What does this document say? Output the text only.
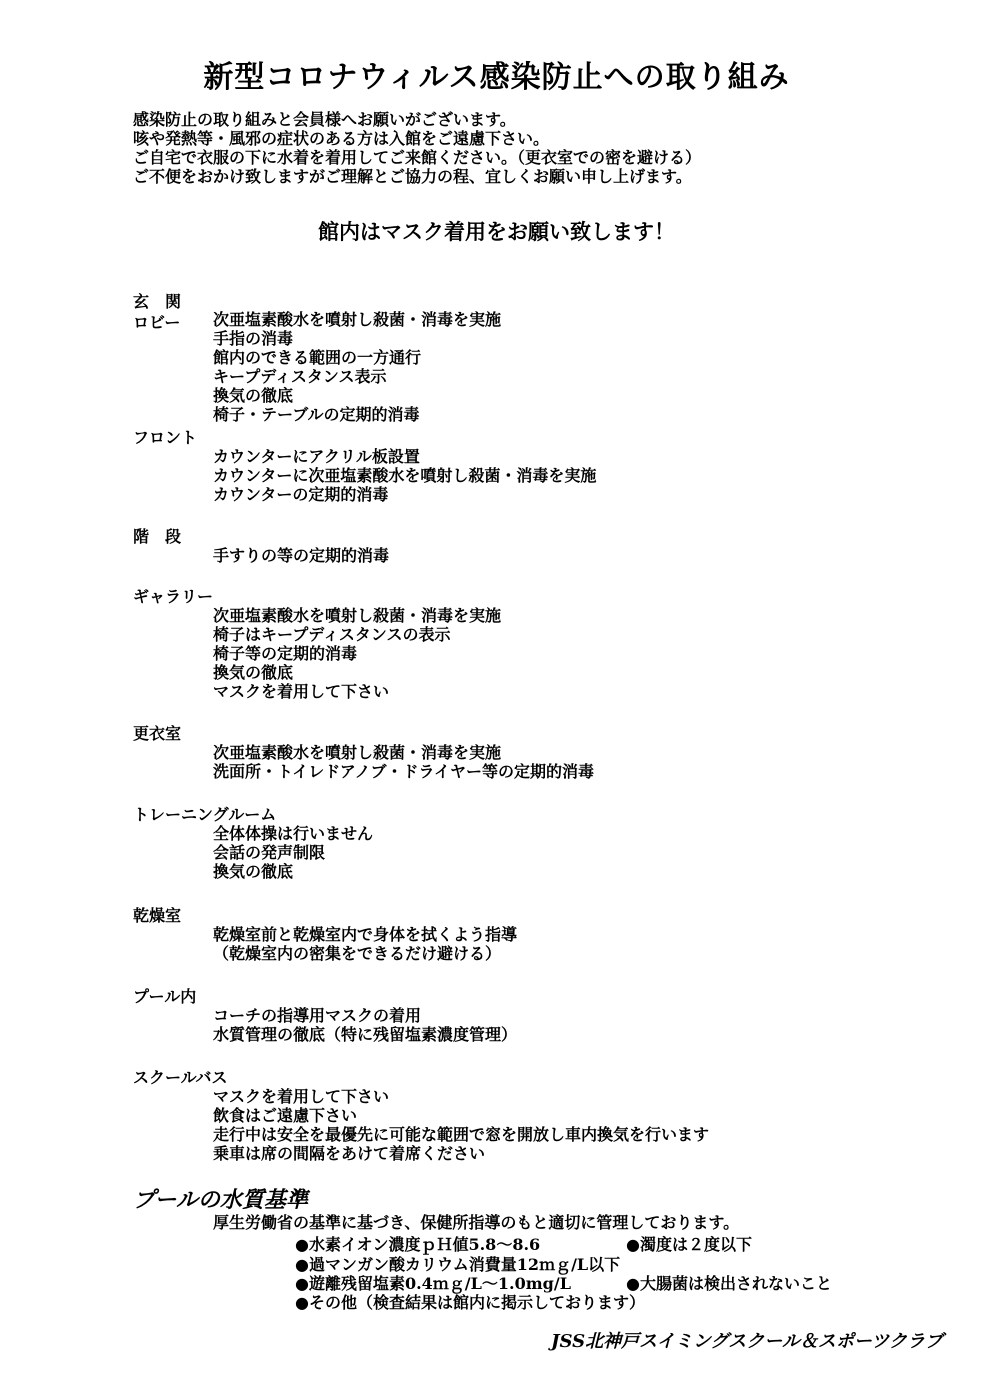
新型コロナウィルス感染防止への取り組み
感染防止の取り組みと会員様へお願いがございます。
咳や発熱等・風邪の症状のある方は入館をご遠慮下さい。
ご自宅で衣服の下に水着を着用してご来館ください。（更衣室での密を避ける）
ご不便をおかけ致しますがご理解とご協力の程、宜しくお願い申し上げます。
館内はマスク着用をお願い致します！
玄　関
ロビー 次亜塩素酸水を噴射し殺菌・消毒を実施
手指の消毒
館内のできる範囲の一方通行
キープディスタンス表示
換気の徹底
椅子・テーブルの定期的消毒
フロント
カウンターにアクリル板設置
カウンターに次亜塩素酸水を噴射し殺菌・消毒を実施
カウンターの定期的消毒
階　段
手すりの等の定期的消毒
ギャラリー
次亜塩素酸水を噴射し殺菌・消毒を実施
椅子はキープディスタンスの表示
椅子等の定期的消毒
換気の徹底
マスクを着用して下さい
更衣室
次亜塩素酸水を噴射し殺菌・消毒を実施
洗面所・トイレドアノブ・ドライヤー等の定期的消毒
トレーニングルーム
全体体操は行いません
会話の発声制限
換気の徹底
乾燥室
乾燥室前と乾燥室内で身体を拭くよう指導
（乾燥室内の密集をできるだけ避ける）
プール内
コーチの指導用マスクの着用
水質管理の徹底（特に残留塩素濃度管理）
スクールバス
マスクを着用して下さい
飲食はご遠慮下さい
走行中は安全を最優先に可能な範囲で窓を開放し車内換気を行います
乗車は席の間隔をあけて着席ください
プールの水質基準
厚生労働省の基準に基づき、保健所指導のもと適切に管理しております。
●水素イオン濃度ｐＨ値5.8～8.6	●濁度は２度以下
●過マンガン酸カリウム消費量12ｍｇ/L以下
●遊離残留塩素0.4ｍｇ/L～1.0mg/L	●大腸菌は検出されないこと
●その他（検査結果は館内に掲示しております）
JSS北神戸スイミングスクール＆スポーツクラブ
